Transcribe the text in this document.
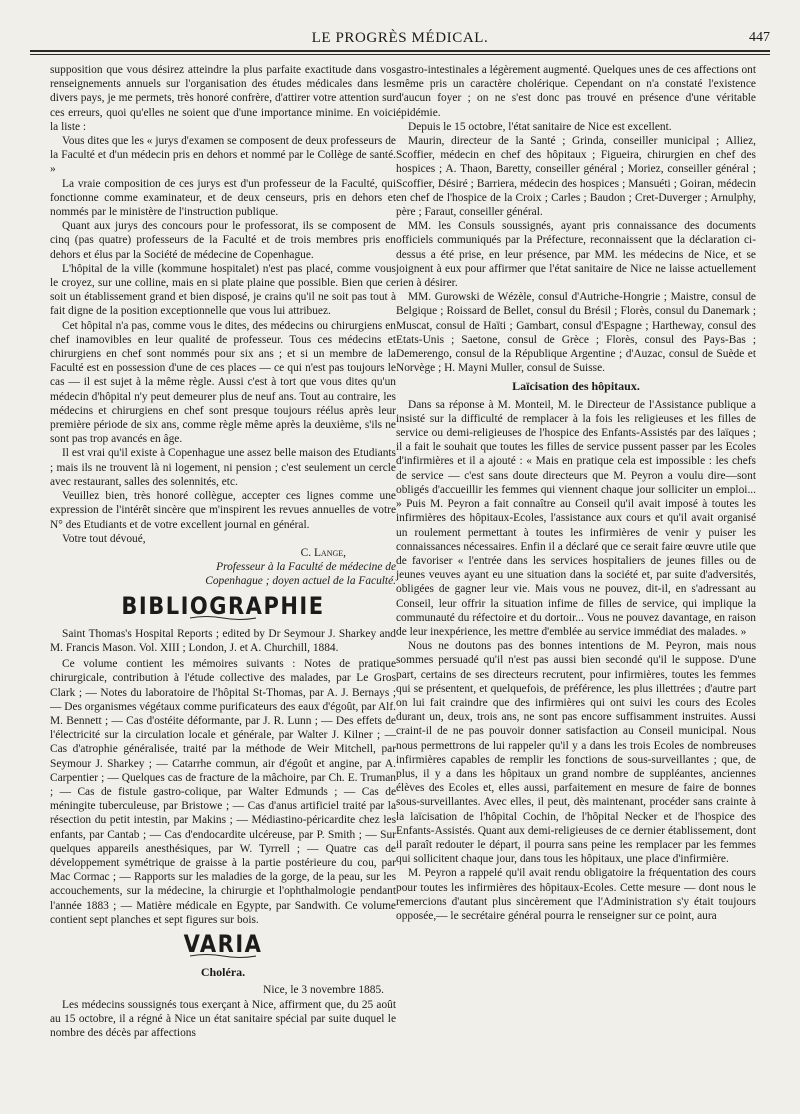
LE PROGRÈS MÉDICAL.	447

supposition que vous désirez atteindre la plus parfaite exactitude dans vos renseignements annuels sur l'organisation des études médicales dans les divers pays, je me permets, très honoré confrère, d'attirer votre attention sur ces erreurs, quoi qu'elles ne soient que d'une importance minime. En voici la liste :

Vous dites que les « jurys d'examen se composent de deux professeurs de la Faculté et d'un médecin pris en dehors et nommé par le Collège de santé. »

La vraie composition de ces jurys est d'un professeur de la Faculté, qui fonctionne comme examinateur, et de deux censeurs, pris en dehors et nommés par le ministère de l'instruction publique.

Quant aux jurys des concours pour le professorat, ils se composent de cinq (pas quatre) professeurs de la Faculté et de trois membres pris en dehors et élus par la Société de médecine de Copenhague.

L'hôpital de la ville (kommune hospitalet) n'est pas placé, comme vous le croyez, sur une colline, mais en si plate plaine que possible. Bien que ce soit un établissement grand et bien disposé, je crains qu'il ne soit pas tout à fait digne de la position exceptionnelle que vous lui attribuez.

Cet hôpital n'a pas, comme vous le dites, des médecins ou chirurgiens en chef inamovibles en leur qualité de professeur. Tous ces médecins et chirurgiens en chef sont nommés pour six ans ; et si un membre de la Faculté est en possession d'une de ces places — ce qui n'est pas toujours le cas — il est sujet à la même règle. Aussi c'est à tort que vous dites qu'un médecin d'hôpital n'y peut demeurer plus de neuf ans. Tout au contraire, les médecins et chirurgiens en chef sont presque toujours réélus après leur première période de six ans, comme règle même après la deuxième, s'ils ne sont pas trop avancés en âge.

Il est vrai qu'il existe à Copenhague une assez belle maison des Etudiants ; mais ils ne trouvent là ni logement, ni pension ; c'est seulement un cercle avec restaurant, salles des solennités, etc.

Veuillez bien, très honoré collègue, accepter ces lignes comme une expression de l'intérêt sincère que m'inspirent les revues annuelles de votre N° des Etudiants et de votre excellent journal en général.

Votre tout dévoué,

C. Lange,

Professeur à la Faculté de médecine de

Copenhague ; doyen actuel de la Faculté.

BIBLIOGRAPHIE

Saint Thomas's Hospital Reports ; edited by Dr Seymour J. Sharkey and M. Francis Mason. Vol. XIII ; London, J. et A. Churchill, 1884.

Ce volume contient les mémoires suivants : Notes de pratique chirurgicale, contribution à l'étude collective des malades, par Le Gros Clark ; — Notes du laboratoire de l'hôpital St-Thomas, par A. J. Bernays ; — Des organismes végétaux comme purificateurs des eaux d'égoût, par Alf. M. Bennett ; — Cas d'ostéite déformante, par J. R. Lunn ; — Des effets de l'électricité sur la circulation locale et générale, par Walter J. Kilner ; — Cas d'atrophie généralisée, traité par la méthode de Weir Mitchell, par Seymour J. Sharkey ; — Catarrhe commun, air d'égoût et angine, par A. Carpentier ; — Quelques cas de fracture de la mâchoire, par Ch. E. Truman ; — Cas de fistule gastro-colique, par Walter Edmunds ; — Cas de méningite tuberculeuse, par Bristowe ; — Cas d'anus artificiel traité par la résection du petit intestin, par Makins ; — Médiastino-péricardite chez les enfants, par Cantab ; — Cas d'endocardite ulcéreuse, par P. Smith ; — Sur quelques appareils anesthésiques, par W. Tyrrell ; — Quatre cas de développement symétrique de graisse à la partie postérieure du cou, par Mac Cormac ; — Rapports sur les maladies de la gorge, de la peau, sur les accouchements, sur la médecine, la chirurgie et l'ophthalmologie pendant l'année 1883 ; — Matière médicale en Egypte, par Sandwith. Ce volume contient sept planches et sept figures sur bois.

VARIA
Choléra.

Nice, le 3 novembre 1885.

Les médecins soussignés tous exerçant à Nice, affirment que, du 25 août au 15 octobre, il a régné à Nice un état sanitaire spécial par suite duquel le nombre des décès par affections

gastro-intestinales a légèrement augmenté. Quelques unes de ces affections ont même pris un caractère cholérique. Cependant on n'a constaté l'existence d'aucun foyer ; on ne s'est donc pas trouvé en présence d'une véritable épidémie.

Depuis le 15 octobre, l'état sanitaire de Nice est excellent.

Maurin, directeur de la Santé ; Grinda, conseiller municipal ; Alliez, Scoffier, médecin en chef des hôpitaux ; Figueira, chirurgien en chef des hospices ; A. Thaon, Baretty, conseiller général ; Moriez, conseiller général ; Scoffier, Désiré ; Barriera, médecin des hospices ; Mansuéti ; Goiran, médecin en chef de l'hospice de la Croix ; Carles ; Baudon ; Cret-Duverger ; Arnulphy, père ; Faraut, conseiller général.

MM. les Consuls soussignés, ayant pris connaissance des documents officiels communiqués par la Préfecture, reconnaissent que la déclaration ci-dessus a été prise, en leur présence, par MM. les médecins de Nice, et se joignent à eux pour affirmer que l'état sanitaire de Nice ne laisse actuellement rien à désirer.

MM. Gurowski de Wézèle, consul d'Autriche-Hongrie ; Maistre, consul de Belgique ; Roissard de Bellet, consul du Brésil ; Florès, consul du Danemark ; Muscat, consul de Haïti ; Gambart, consul d'Espagne ; Hartheway, consul des Etats-Unis ; Saetone, consul de Grèce ; Florès, consul des Pays-Bas ; Demerengo, consul de la République Argentine ; d'Auzac, consul de Suède et Norvège ; H. Mayni Muller, consul de Suisse.

Laïcisation des hôpitaux.

Dans sa réponse à M. Monteil, M. le Directeur de l'Assistance publique a insisté sur la difficulté de remplacer à la fois les religieuses et les filles de service ou demi-religieuses de l'hospice des Enfants-Assistés par des laïques ; il a fait le souhait que toutes les filles de service pussent passer par les Ecoles d'infirmières et il a ajouté : « Mais en pratique cela est impossible : les chefs de service — c'est sans doute directeurs que M. Peyron a voulu dire—sont obligés d'accueillir les femmes qui viennent chaque jour solliciter un emploi... » Puis M. Peyron a fait connaître au Conseil qu'il avait imposé à toutes les infirmières des hôpitaux-Ecoles, l'assistance aux cours et qu'il avait organisé un roulement permettant à toutes les infirmières de venir y puiser les connaissances nécessaires. Enfin il a déclaré que ce serait faire œuvre utile que de favoriser « l'entrée dans les services hospitaliers de jeunes filles ou de jeunes veuves ayant eu une situation dans la société et, par suite d'adversités, obligées de gagner leur vie. Mais vous ne pouvez, dit-il, en s'adressant au Conseil, leur offrir la situation infime de filles de service, qui implique la communauté du réfectoire et du dortoir... Vous ne pouvez davantage, en raison de leur inexpérience, les mettre d'emblée au service immédiat des malades. »

Nous ne doutons pas des bonnes intentions de M. Peyron, mais nous sommes persuadé qu'il n'est pas aussi bien secondé qu'il le suppose. D'une part, certains de ses directeurs recrutent, pour infirmières, toutes les femmes qui se présentent, et quelquefois, de préférence, les plus illettrées ; d'autre part on lui fait craindre que des infirmières qui ont suivi les cours des Ecoles durant un, deux, trois ans, ne sont pas encore suffisamment instruites. Aussi craint-il de ne pas pouvoir donner satisfaction au Conseil municipal. Nous nous permettrons de lui rappeler qu'il y a dans les trois Ecoles de nombreuses infirmières capables de remplir les fonctions de sous-surveillantes ; que, de plus, il y a dans les hôpitaux un grand nombre de suppléantes, anciennes élèves des Ecoles et, elles aussi, parfaitement en mesure de faire de bonnes sous-surveillantes. Avec elles, il peut, dès maintenant, procéder sans crainte à la laïcisation de l'hôpital Cochin, de l'hôpital Necker et de l'hospice des Enfants-Assistés. Quant aux demi-religieuses de ce dernier établissement, dont il paraît redouter le départ, il pourra sans peine les remplacer par les femmes qui sollicitent chaque jour, dans tous les hôpitaux, une place d'infirmière.

M. Peyron a rappelé qu'il avait rendu obligatoire la fréquentation des cours pour toutes les infirmières des hôpitaux-Ecoles. Cette mesure — dont nous le remercions d'autant plus sincèrement que l'Administration s'y était toujours opposée,— le secrétaire général pourra le renseigner sur ce point, aura
